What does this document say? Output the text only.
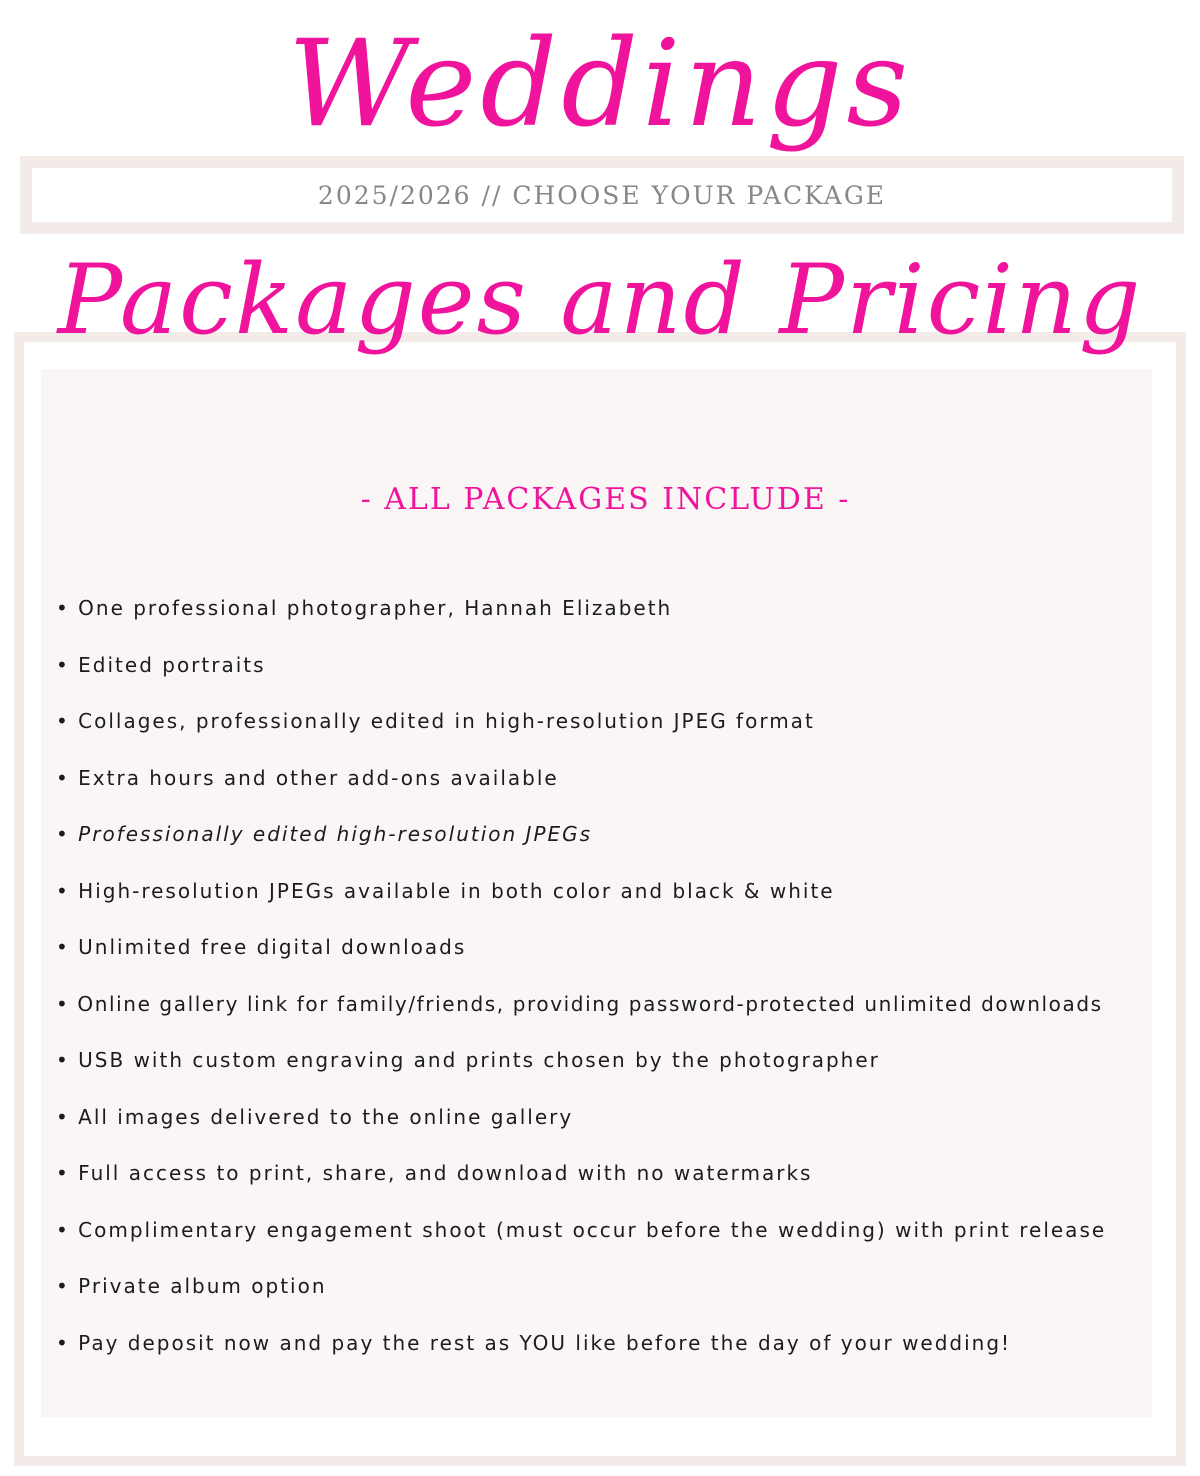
Weddings
2025/2026 // CHOOSE YOUR PACKAGE
Packages and Pricing
- ALL PACKAGES INCLUDE -
• One professional photographer, Hannah Elizabeth
• Edited portraits
• Collages, professionally edited in high-resolution JPEG format
• Extra hours and other add-ons available
• Professionally edited high-resolution JPEGs
• High-resolution JPEGs available in both color and black & white
• Unlimited free digital downloads
• Online gallery link for family/friends, providing password-protected unlimited downloads
• USB with custom engraving and prints chosen by the photographer
• All images delivered to the online gallery
• Full access to print, share, and download with no watermarks
• Complimentary engagement shoot (must occur before the wedding) with print release
• Private album option
• Pay deposit now and pay the rest as YOU like before the day of your wedding!
